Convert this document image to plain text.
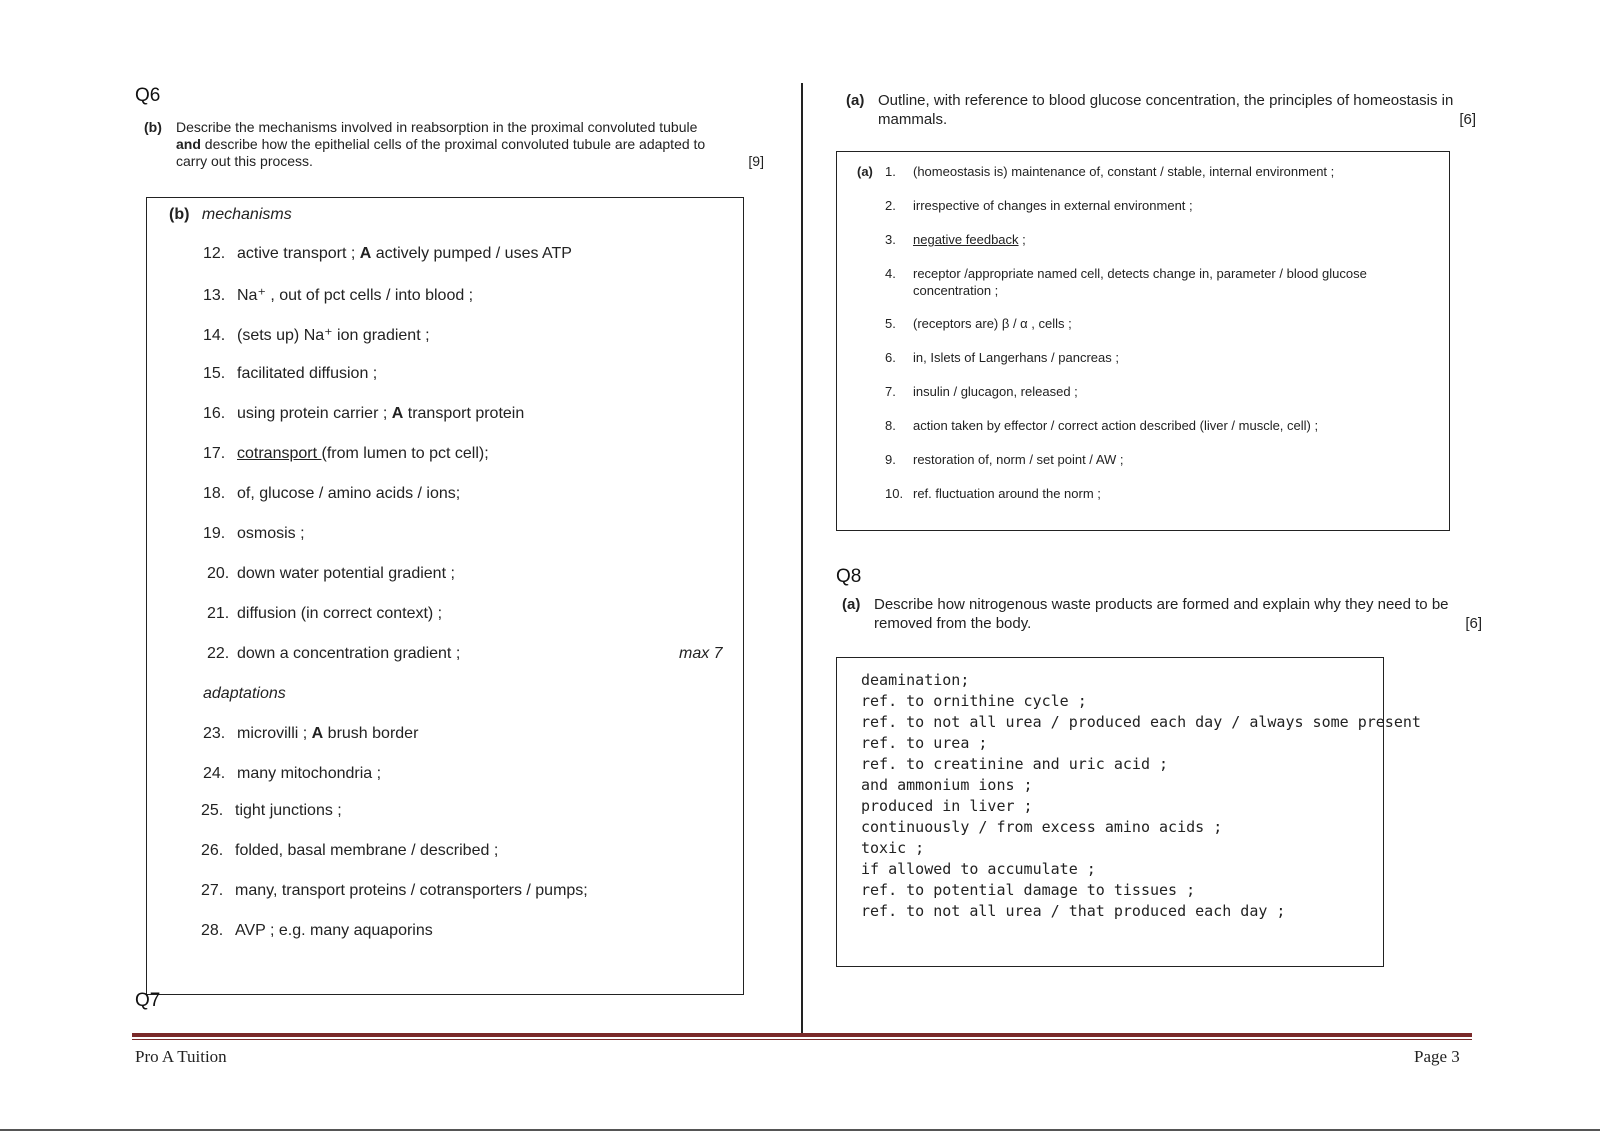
Q6
(b) Describe the mechanisms involved in reabsorption in the proximal convoluted tubule
and describe how the epithelial cells of the proximal convoluted tubule are adapted to
carry out this process.	[9]
(b) mechanisms
12. active transport ; A actively pumped / uses ATP
13. Na⁺ , out of pct cells / into blood ;
14. (sets up) Na⁺ ion gradient ;
15. facilitated diffusion ;
16. using protein carrier ; A transport protein
17. cotransport (from lumen to pct cell);
18. of, glucose / amino acids / ions;
19. osmosis ;
20. down water potential gradient ;
21. diffusion (in correct context) ;
22. down a concentration gradient ;	max 7
adaptations
23. microvilli ; A brush border
24. many mitochondria ;
25. tight junctions ;
26. folded, basal membrane / described ;
27. many, transport proteins / cotransporters / pumps;
28. AVP ; e.g. many aquaporins
Q7
(a) Outline, with reference to blood glucose concentration, the principles of homeostasis in
mammals.	[6]
(a) 1. (homeostasis is) maintenance of, constant / stable, internal environment ;
2. irrespective of changes in external environment ;
3. negative feedback ;
4. receptor /appropriate named cell, detects change in, parameter / blood glucose
concentration ;
5. (receptors are) β / α , cells ;
6. in, Islets of Langerhans / pancreas ;
7. insulin / glucagon, released ;
8. action taken by effector / correct action described (liver / muscle, cell) ;
9. restoration of, norm / set point / AW ;
10. ref. fluctuation around the norm ;
Q8
(a) Describe how nitrogenous waste products are formed and explain why they need to be
removed from the body.	[6]
deamination;
ref. to ornithine cycle ;
ref. to not all urea / produced each day / always some present
ref. to urea ;
ref. to creatinine and uric acid ;
and ammonium ions ;
produced in liver ;
continuously / from excess amino acids ;
toxic ;
if allowed to accumulate ;
ref. to potential damage to tissues ;
ref. to not all urea / that produced each day ;
Pro A Tuition	Page 3
